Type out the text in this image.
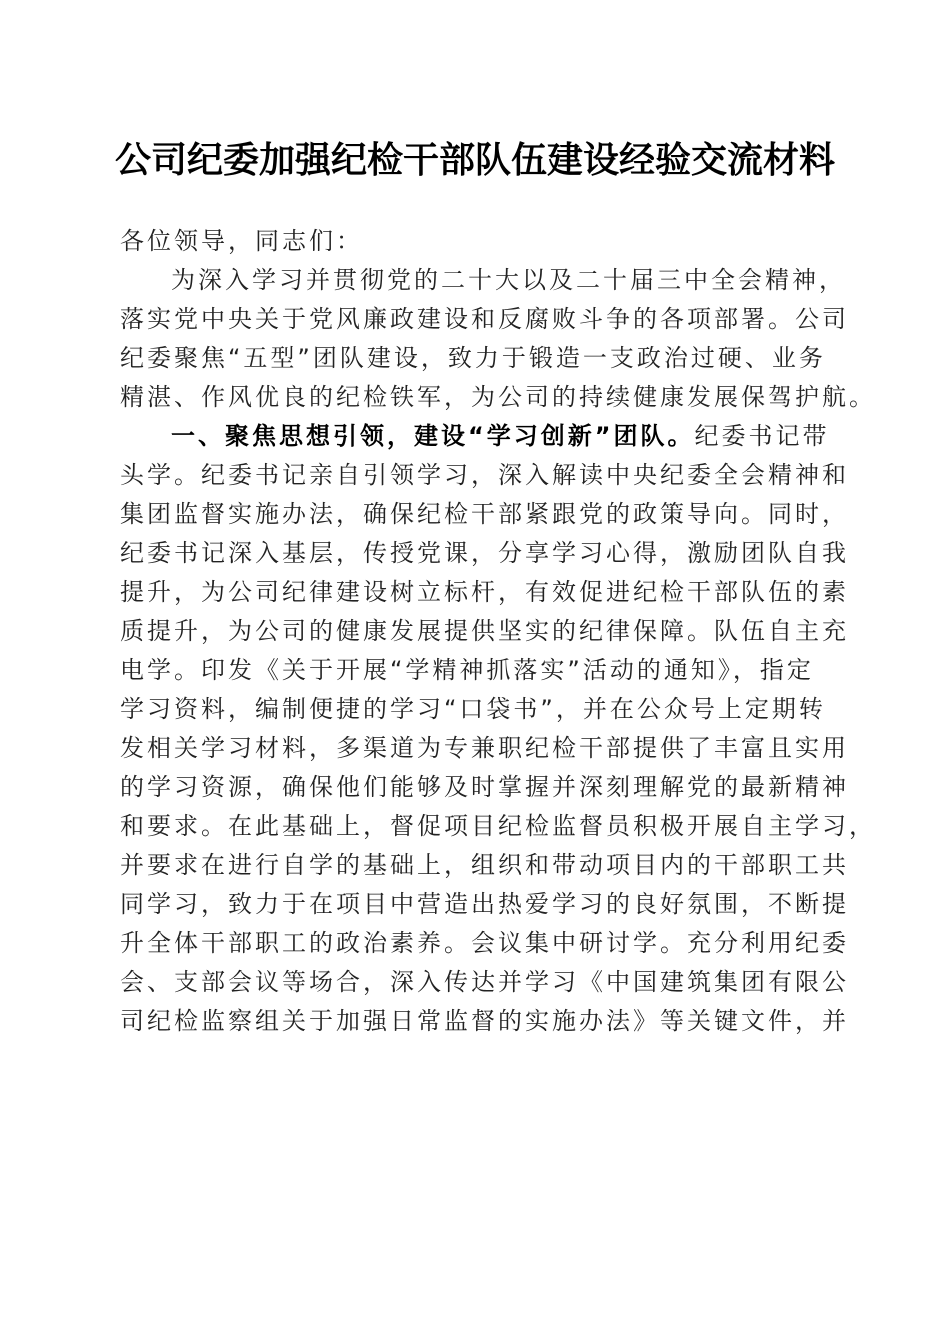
公司纪委加强纪检干部队伍建设经验交流材料

各位领导，同志们：

为深入学习并贯彻党的二十大以及二十届三中全会精神，

落实党中央关于党风廉政建设和反腐败斗争的各项部署。公司

纪委聚焦“五型”团队建设，致力于锻造一支政治过硬、业务

精湛、作风优良的纪检铁军，为公司的持续健康发展保驾护航。

一、聚焦思想引领，建设“学习创新”团队。纪委书记带

头学。纪委书记亲自引领学习，深入解读中央纪委全会精神和

集团监督实施办法，确保纪检干部紧跟党的政策导向。同时，

纪委书记深入基层，传授党课，分享学习心得，激励团队自我

提升，为公司纪律建设树立标杆，有效促进纪检干部队伍的素

质提升，为公司的健康发展提供坚实的纪律保障。队伍自主充

电学。印发《关于开展“学精神抓落实”活动的通知》，指定

学习资料，编制便捷的学习“口袋书”，并在公众号上定期转

发相关学习材料，多渠道为专兼职纪检干部提供了丰富且实用

的学习资源，确保他们能够及时掌握并深刻理解党的最新精神

和要求。在此基础上，督促项目纪检监督员积极开展自主学习，

并要求在进行自学的基础上，组织和带动项目内的干部职工共

同学习，致力于在项目中营造出热爱学习的良好氛围，不断提

升全体干部职工的政治素养。会议集中研讨学。充分利用纪委

会、支部会议等场合，深入传达并学习《中国建筑集团有限公

司纪检监察组关于加强日常监督的实施办法》等关键文件，并
